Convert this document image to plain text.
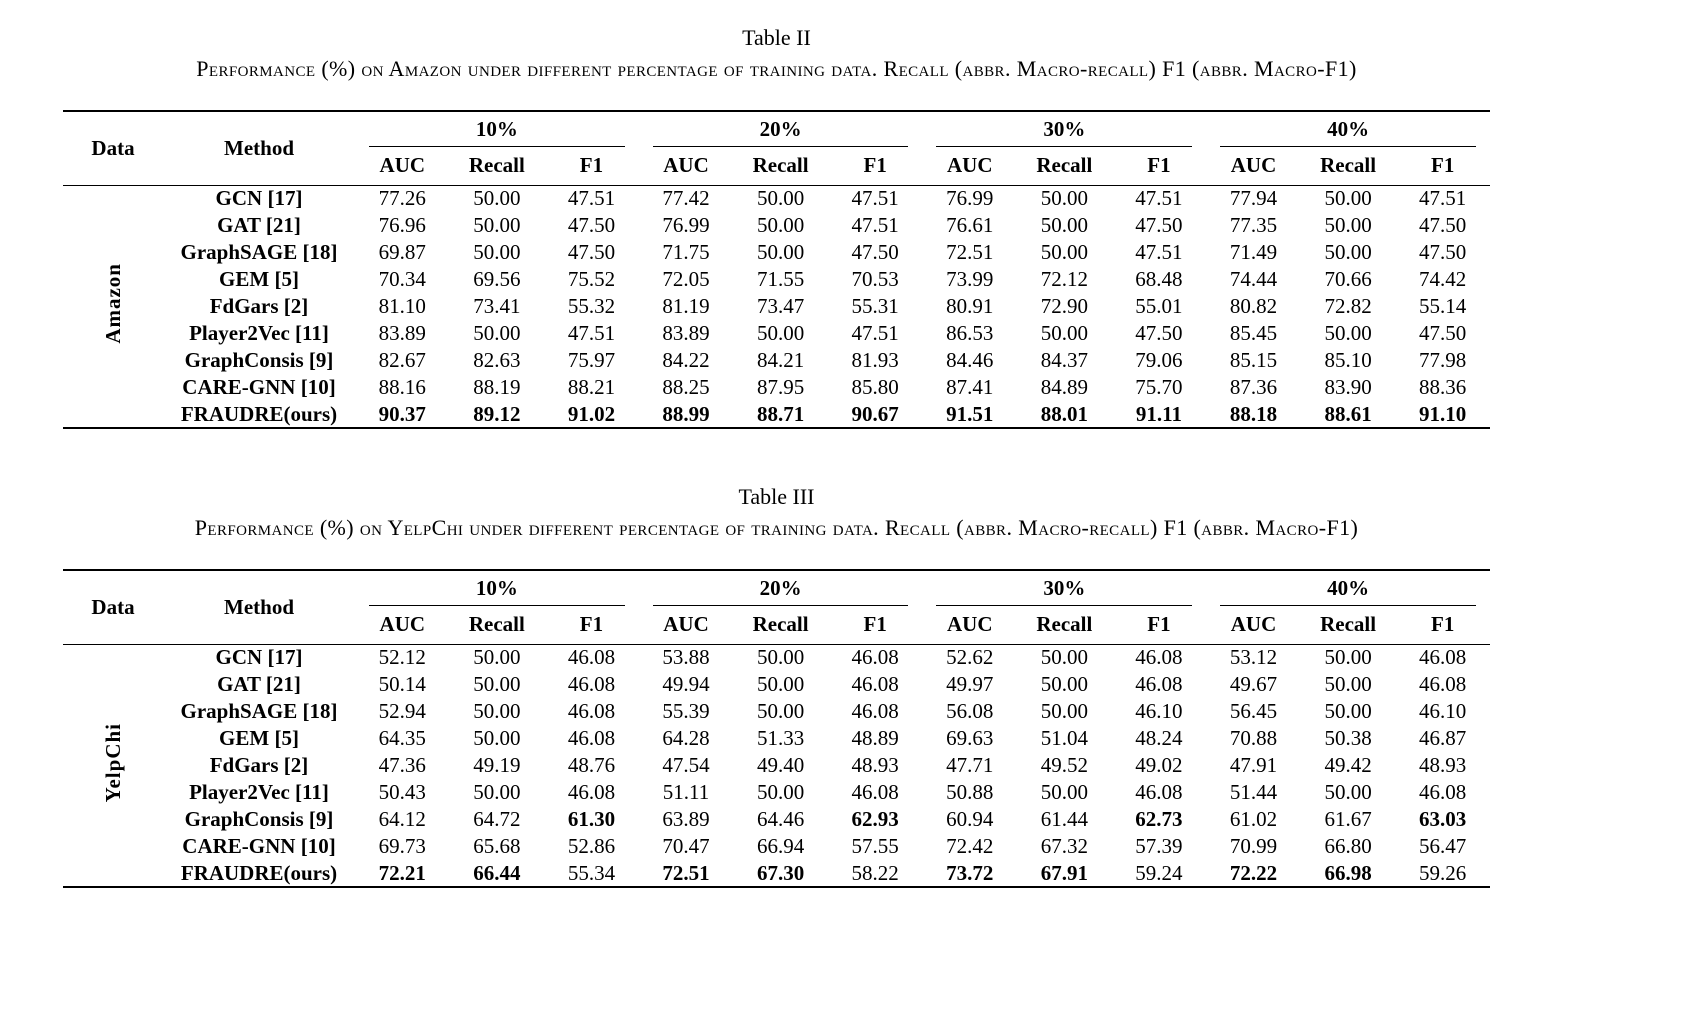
Table II
Performance (%) on Amazon under different percentage of training data. Recall (abbr. Macro-recall) F1 (abbr. Macro-F1)
Data	Method	10%			20%			30%			40%		

		AUC	Recall	F1	AUC	Recall	F1	AUC	Recall	F1	AUC	Recall	F1
Amazon	GCN [17]	77.26	50.00	47.51	77.42	50.00	47.51	76.99	50.00	47.51	77.94	50.00	47.51
	GAT [21]	76.96	50.00	47.50	76.99	50.00	47.51	76.61	50.00	47.50	77.35	50.00	47.50
	GraphSAGE [18]	69.87	50.00	47.50	71.75	50.00	47.50	72.51	50.00	47.51	71.49	50.00	47.50
	GEM [5]	70.34	69.56	75.52	72.05	71.55	70.53	73.99	72.12	68.48	74.44	70.66	74.42
	FdGars [2]	81.10	73.41	55.32	81.19	73.47	55.31	80.91	72.90	55.01	80.82	72.82	55.14
	Player2Vec [11]	83.89	50.00	47.51	83.89	50.00	47.51	86.53	50.00	47.50	85.45	50.00	47.50
	GraphConsis [9]	82.67	82.63	75.97	84.22	84.21	81.93	84.46	84.37	79.06	85.15	85.10	77.98
	CARE-GNN [10]	88.16	88.19	88.21	88.25	87.95	85.80	87.41	84.89	75.70	87.36	83.90	88.36
	FRAUDRE(ours)	90.37	89.12	91.02	88.99	88.71	90.67	91.51	88.01	91.11	88.18	88.61	91.10
Table III
Performance (%) on YelpChi under different percentage of training data. Recall (abbr. Macro-recall) F1 (abbr. Macro-F1)
Data	Method	10%			20%			30%			40%		

		AUC	Recall	F1	AUC	Recall	F1	AUC	Recall	F1	AUC	Recall	F1
YelpChi	GCN [17]	52.12	50.00	46.08	53.88	50.00	46.08	52.62	50.00	46.08	53.12	50.00	46.08
	GAT [21]	50.14	50.00	46.08	49.94	50.00	46.08	49.97	50.00	46.08	49.67	50.00	46.08
	GraphSAGE [18]	52.94	50.00	46.08	55.39	50.00	46.08	56.08	50.00	46.10	56.45	50.00	46.10
	GEM [5]	64.35	50.00	46.08	64.28	51.33	48.89	69.63	51.04	48.24	70.88	50.38	46.87
	FdGars [2]	47.36	49.19	48.76	47.54	49.40	48.93	47.71	49.52	49.02	47.91	49.42	48.93
	Player2Vec [11]	50.43	50.00	46.08	51.11	50.00	46.08	50.88	50.00	46.08	51.44	50.00	46.08
	GraphConsis [9]	64.12	64.72	61.30	63.89	64.46	62.93	60.94	61.44	62.73	61.02	61.67	63.03
	CARE-GNN [10]	69.73	65.68	52.86	70.47	66.94	57.55	72.42	67.32	57.39	70.99	66.80	56.47
	FRAUDRE(ours)	72.21	66.44	55.34	72.51	67.30	58.22	73.72	67.91	59.24	72.22	66.98	59.26
